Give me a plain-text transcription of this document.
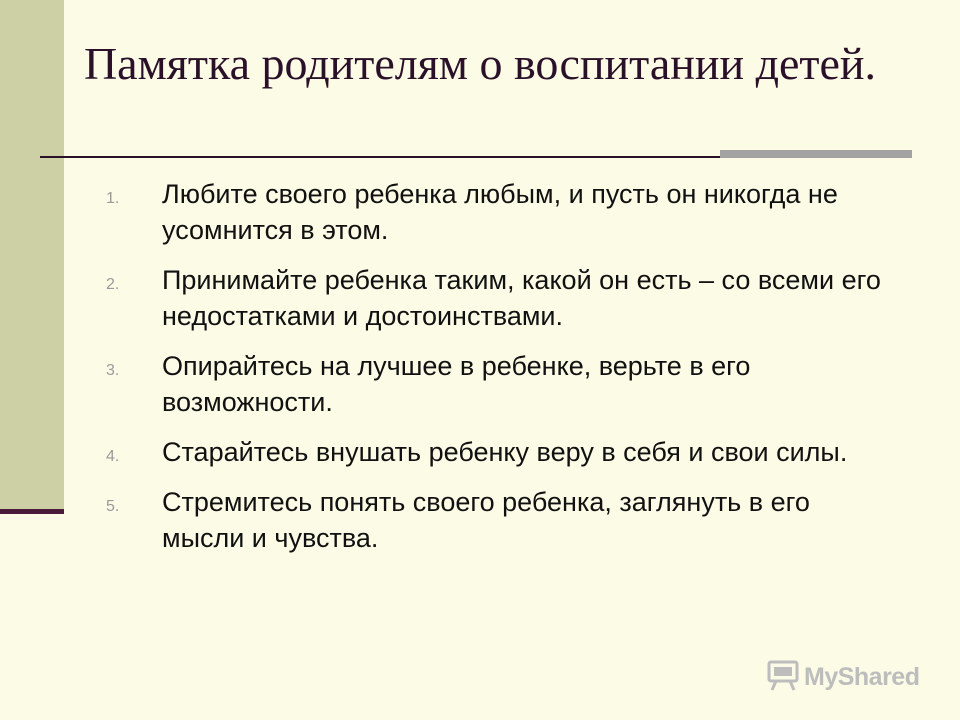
Памятка родителям о воспитании детей.
1.	Любите своего ребенка любым, и пусть он никогда не усомнится в этом.
2.	Принимайте ребенка таким, какой он есть – со всеми его недостатками и достоинствами.
3.	Опирайтесь на лучшее в ребенке, верьте в его возможности.
4.	Старайтесь внушать ребенку веру в себя и свои силы.
5.	Стремитесь понять своего ребенка, заглянуть в его мысли и чувства.
MyShared
